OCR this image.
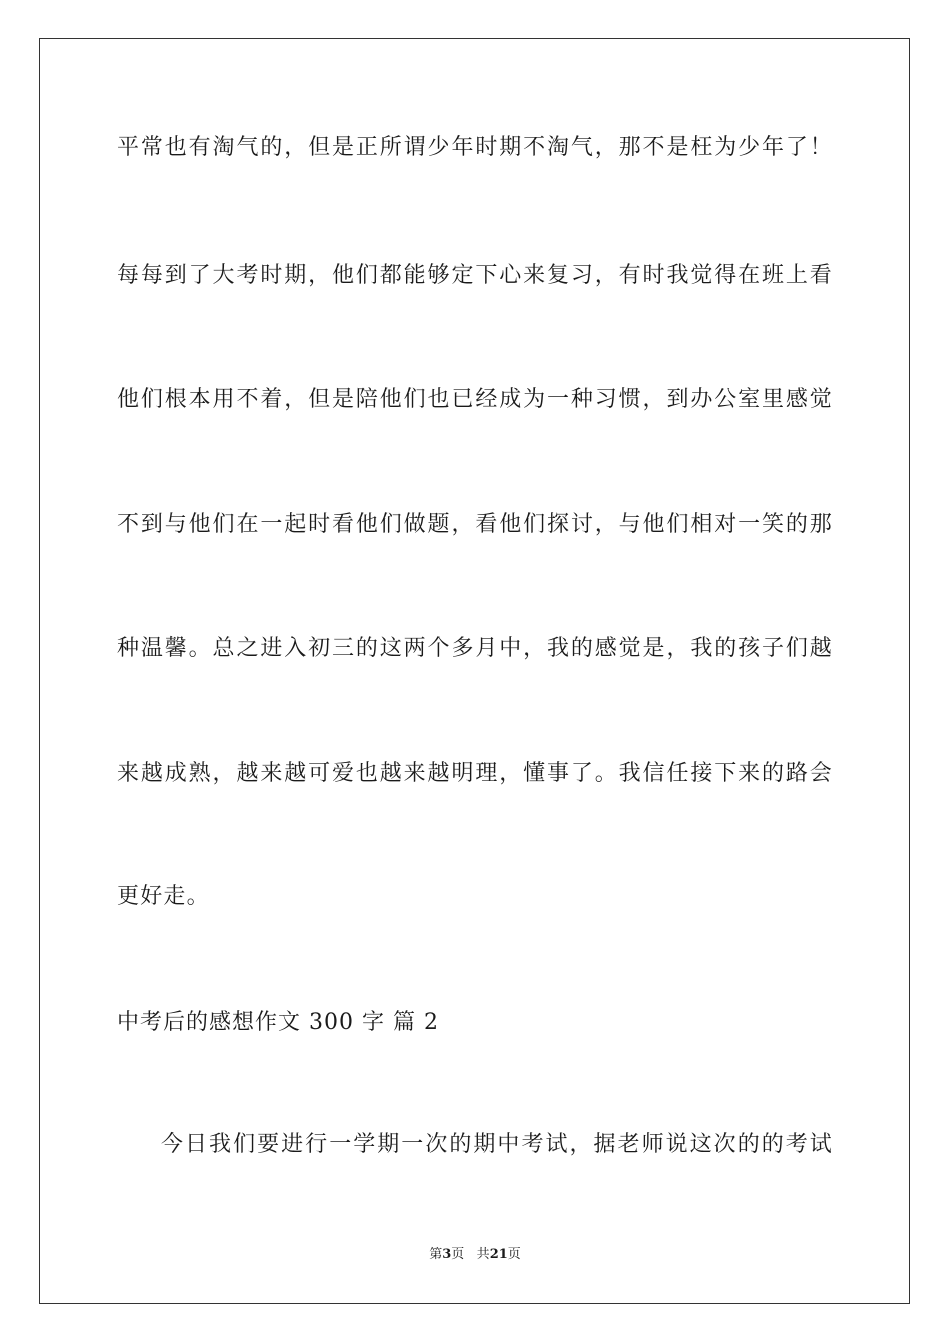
平常也有淘气的，但是正所谓少年时期不淘气，那不是枉为少年了！
每每到了大考时期，他们都能够定下心来复习，有时我觉得在班上看
他们根本用不着，但是陪他们也已经成为一种习惯，到办公室里感觉
不到与他们在一起时看他们做题，看他们探讨，与他们相对一笑的那
种温馨。总之进入初三的这两个多月中，我的感觉是，我的孩子们越
来越成熟，越来越可爱也越来越明理，懂事了。我信任接下来的路会
更好走。
中考后的感想作文 300 字 篇 2
今日我们要进行一学期一次的期中考试，据老师说这次的的考试
第3页 共21页
